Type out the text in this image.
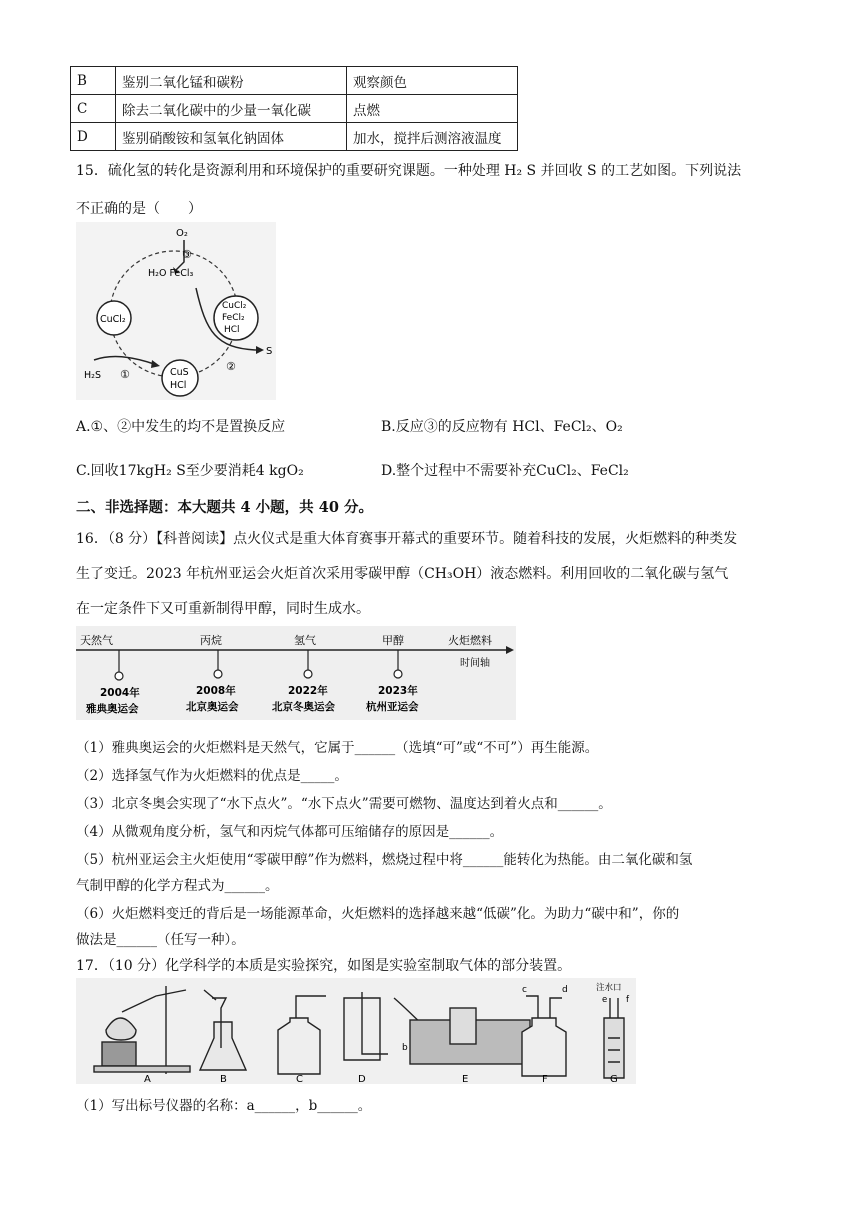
B	鉴别二氧化锰和碳粉	观察颜色
C	除去二氧化碳中的少量一氧化碳	点燃
D	鉴别硝酸铵和氢氧化钠固体	加水，搅拌后测溶液温度
15．硫化氢的转化是资源利用和环境保护的重要研究课题。一种处理 H₂ S 并回收 S 的工艺如图。下列说法
不正确的是（　　）
O₂
③
H₂O FeCl₃
CuCl₂
CuCl₂
FeCl₂
HCl
CuS
HCl
S
②
H₂S ①
A.①、②中发生的均不是置换反应	B.反应③的反应物有 HCl、FeCl₂、O₂
C.回收17kgH₂ S至少要消耗4 kgO₂	D.整个过程中不需要补充CuCl₂、FeCl₂
二、非选择题：本大题共 4 小题，共 40 分。
16．（8 分）【科普阅读】点火仪式是重大体育赛事开幕式的重要环节。随着科技的发展，火炬燃料的种类发
生了变迁。2023 年杭州亚运会火炬首次采用零碳甲醇（CH₃OH）液态燃料。利用回收的二氧化碳与氢气
在一定条件下又可重新制得甲醇，同时生成水。
天然气	丙烷	氢气	甲醇	火炬燃料
时间轴
2004年	2008年	2022年	2023年
雅典奥运会	北京奥运会	北京冬奥运会	杭州亚运会
（1）雅典奥运会的火炬燃料是天然气，它属于______（选填“可”或“不可”）再生能源。
（2）选择氢气作为火炬燃料的优点是_____。
（3）北京冬奥会实现了“水下点火”。“水下点火”需要可燃物、温度达到着火点和______。
（4）从微观角度分析，氢气和丙烷气体都可压缩储存的原因是______。
（5）杭州亚运会主火炬使用“零碳甲醇”作为燃料，燃烧过程中将______能转化为热能。由二氧化碳和氢
气制甲醇的化学方程式为______。
（6）火炬燃料变迁的背后是一场能源革命，火炬燃料的选择越来越“低碳”化。为助力“碳中和”，你的
做法是______（任写一种）。
17．（10 分）化学科学的本质是实验探究，如图是实验室制取气体的部分装置。
A	B	C	D	E	F	G
b
c	d	注水口
e f
（1）写出标号仪器的名称：a______，b______。
